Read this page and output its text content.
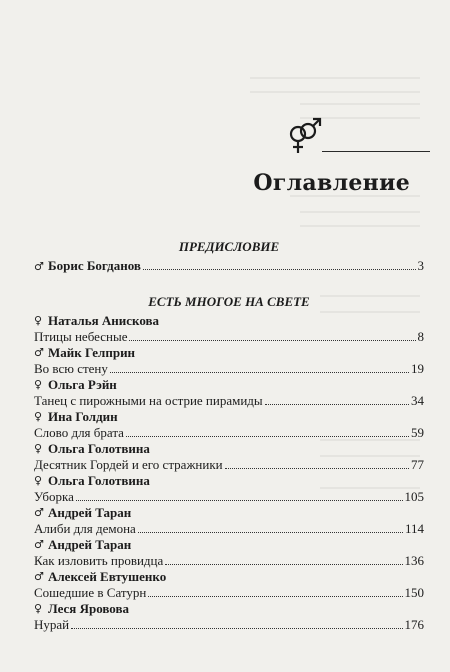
Оглавление
ПРЕДИСЛОВИЕ
♂ Борис Богданов	3
ЕСТЬ МНОГОЕ НА СВЕТЕ
♀ Наталья Анискова
Птицы небесные	8
♂ Майк Гелприн
Во всю стену	19
♀ Ольга Рэйн
Танец с пирожными на острие пирамиды	34
♀ Ина Голдин
Слово для брата	59
♀ Ольга Голотвина
Десятник Гордей и его стражники	77
♀ Ольга Голотвина
Уборка	105
♂ Андрей Таран
Алиби для демона	114
♂ Андрей Таран
Как изловить провидца	136
♂ Алексей Евтушенко
Сошедшие в Сатурн	150
♀ Леся Яровова
Нурай	176
